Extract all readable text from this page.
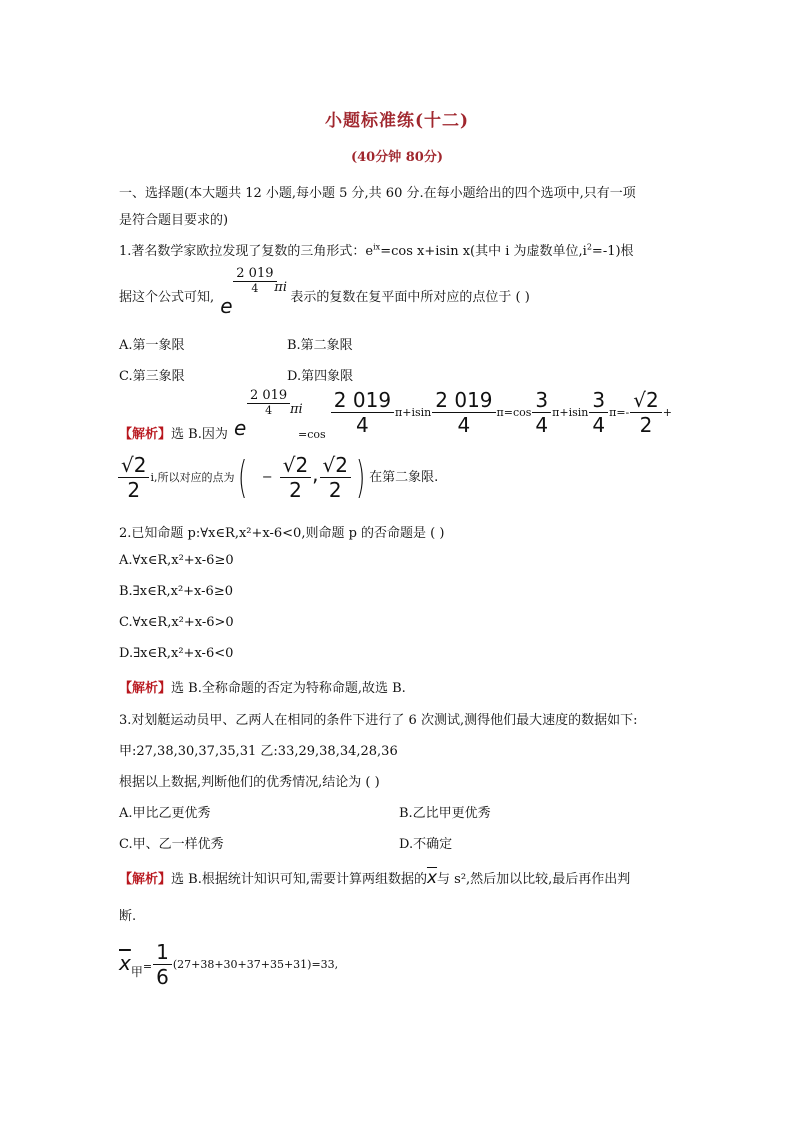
小题标准练(十二)
(40分钟 80分)
一、选择题(本大题共 12 小题,每小题 5 分,共 60 分.在每小题给出的四个选项中,只有一项
是符合题目要求的)
1.著名数学家欧拉发现了复数的三角形式：$e^{ix}=\cos$ x+isin x(其中 i 为虚数单位$,i^2=-1$)根
据这个公式可知, e
$\frac{2 019}{4}$
πi
表示的复数在复平面中所对应的点位于 ( )
A.第一象限	B.第二象限
C.第三象限	D.第四象限
【解析】选 B.因为 e
$\frac{2 019}{4}$ πi
$_{=cos} \frac{2 019}{4} \pi+isin \frac{2 019}{4} \pi=\cos \frac{3}{4} \pi+isin \frac{3}{4} \pi=- \frac{√2}{2}$ +
$\frac{√2}{2} i$,所以对应的点为( − $\frac{√2}{2}$ , $\frac{√2}{2}$ ) 在第二象限.
2.已知命题 p:∀x∈R,x²+x-6<0,则命题 p 的否命题是 ( )
A.∀x∈R,x²+x-6≥0
B.∃x∈R,x²+x-6≥0
C.∀x∈R,x²+x-6>0
D.∃x∈R,x²+x-6<0
【解析】选 B.全称命题的否定为特称命题,故选 B.
3.对划艇运动员甲、乙两人在相同的条件下进行了 6 次测试,测得他们最大速度的数据如下:
甲:27,38,30,37,35,31 乙:33,29,38,34,28,36
根据以上数据,判断他们的优秀情况,结论为 ( )
A.甲比乙更优秀	B.乙比甲更优秀
C.甲、乙一样优秀	D.不确定
【解析】选 B.根据统计知识可知,需要计算两组数据的$\overline{x}$与 s²,然后加以比较,最后再作出判
断.
$\overline{x}$甲= $\frac{1}{6} (27+38+30+37+35+31)=33$,
